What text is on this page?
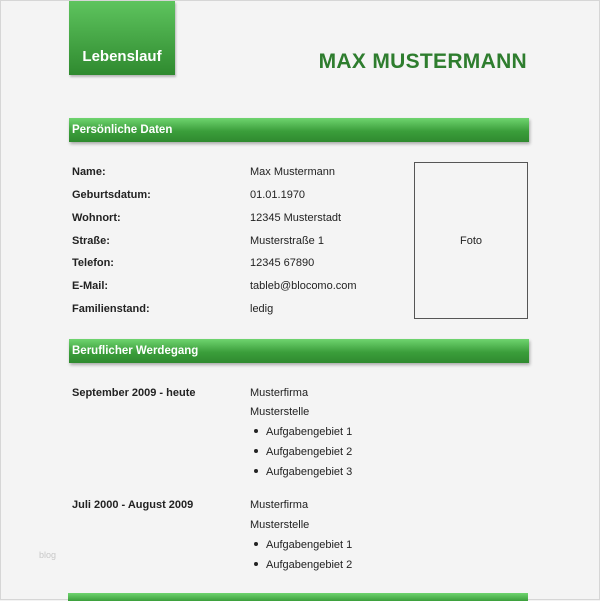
Lebenslauf	MAX MUSTERMANN
Persönliche Daten
Name:	Max Mustermann
Geburtsdatum:	01.01.1970
Wohnort:	12345 Musterstadt
Straße:	Musterstraße 1
Telefon:	12345 67890
E-Mail:	tableb@blocomo.com
Familienstand:	ledig
Foto
Beruflicher Werdegang
September 2009 - heute	Musterfirma
Musterstelle
Aufgabengebiet 1
Aufgabengebiet 2
Aufgabengebiet 3
Juli 2000 - August 2009	Musterfirma
Musterstelle
Aufgabengebiet 1
Aufgabengebiet 2
blog
